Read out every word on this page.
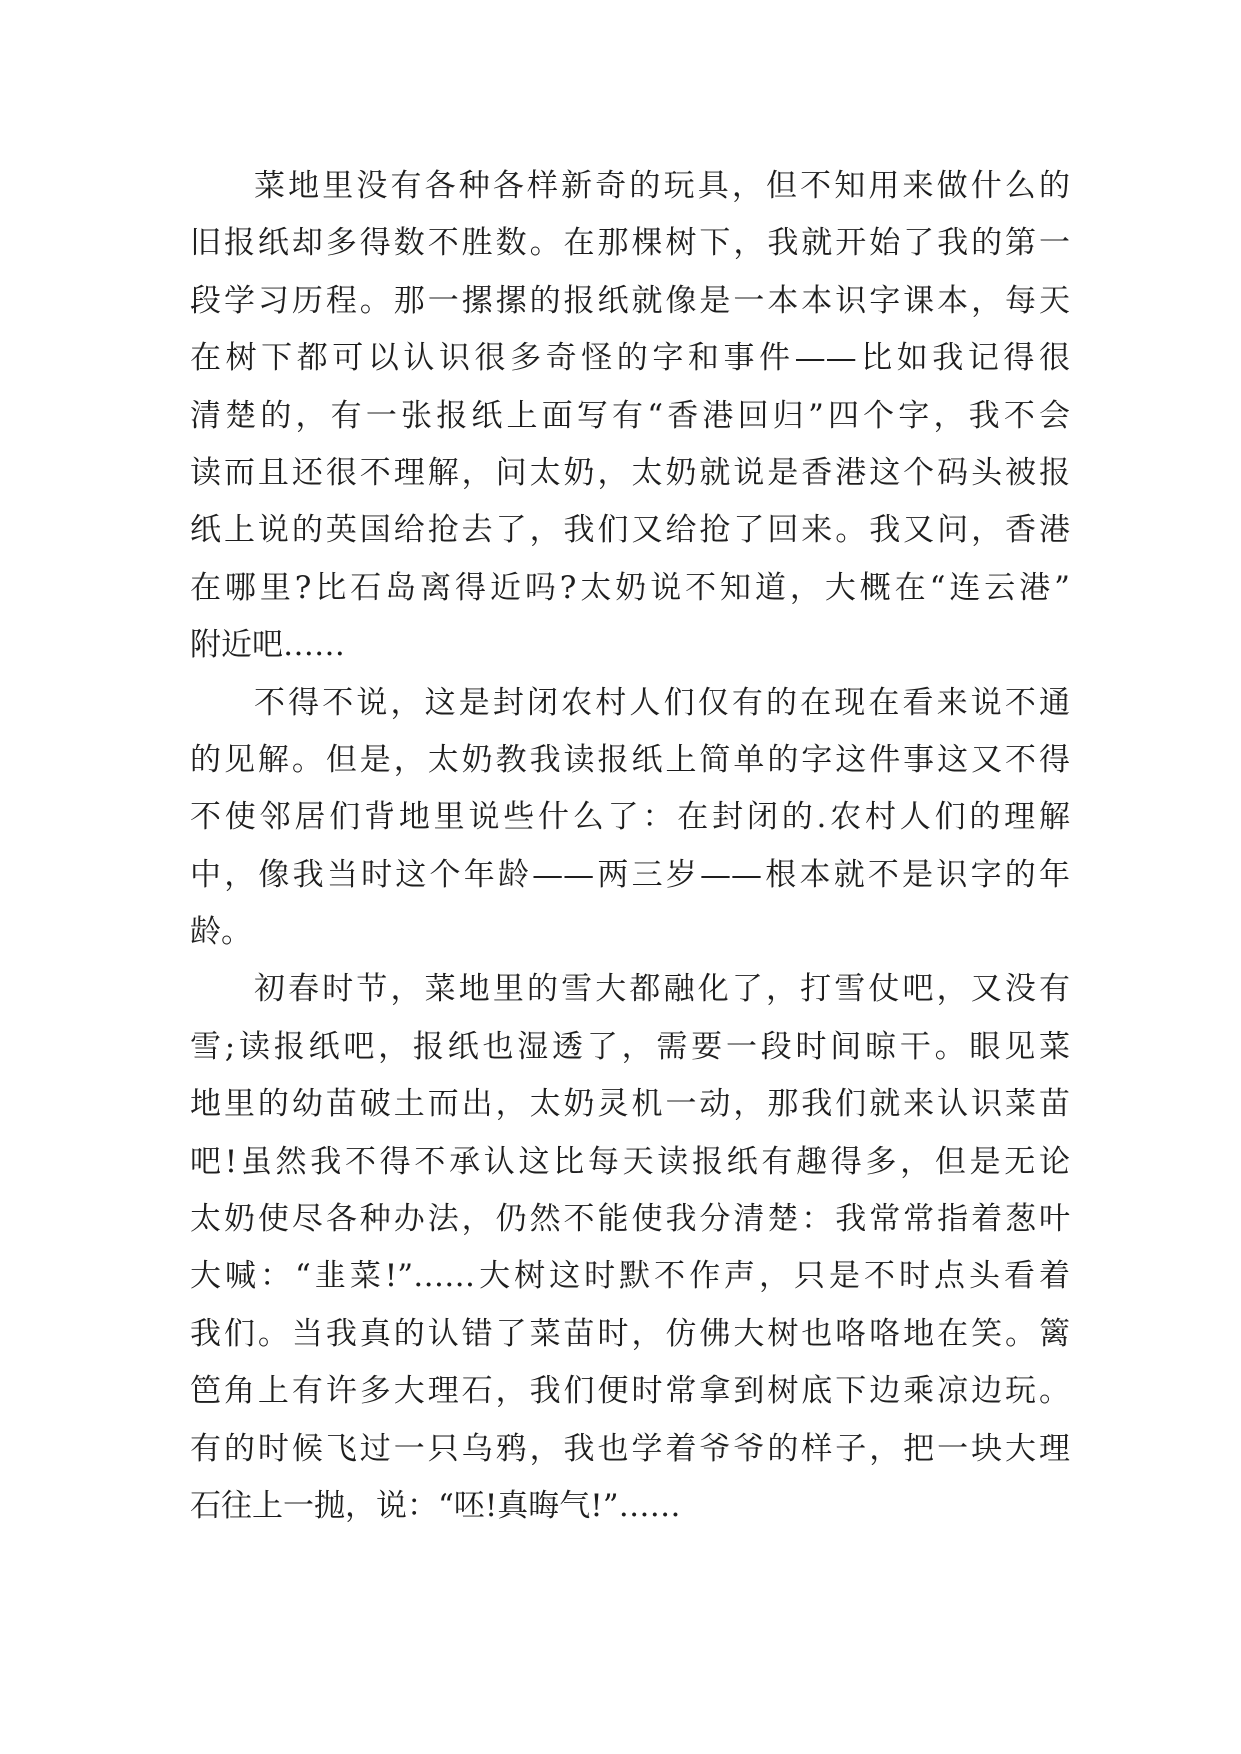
菜地里没有各种各样新奇的玩具，但不知用来做什么的
旧报纸却多得数不胜数。在那棵树下，我就开始了我的第一
段学习历程。那一摞摞的报纸就像是一本本识字课本，每天
在树下都可以认识很多奇怪的字和事件——比如我记得很
清楚的，有一张报纸上面写有“香港回归”四个字，我不会
读而且还很不理解，问太奶，太奶就说是香港这个码头被报
纸上说的英国给抢去了，我们又给抢了回来。我又问，香港
在哪里?比石岛离得近吗?太奶说不知道，大概在“连云港”
附近吧……
不得不说，这是封闭农村人们仅有的在现在看来说不通
的见解。但是，太奶教我读报纸上简单的字这件事这又不得
不使邻居们背地里说些什么了：在封闭的.农村人们的理解
中，像我当时这个年龄——两三岁——根本就不是识字的年
龄。
初春时节，菜地里的雪大都融化了，打雪仗吧，又没有
雪;读报纸吧，报纸也湿透了，需要一段时间晾干。眼见菜
地里的幼苗破土而出，太奶灵机一动，那我们就来认识菜苗
吧!虽然我不得不承认这比每天读报纸有趣得多，但是无论
太奶使尽各种办法，仍然不能使我分清楚：我常常指着葱叶
大喊：“韭菜!”……大树这时默不作声，只是不时点头看着
我们。当我真的认错了菜苗时，仿佛大树也咯咯地在笑。篱
笆角上有许多大理石，我们便时常拿到树底下边乘凉边玩。
有的时候飞过一只乌鸦，我也学着爷爷的样子，把一块大理
石往上一抛，说：“呸!真晦气!”……
